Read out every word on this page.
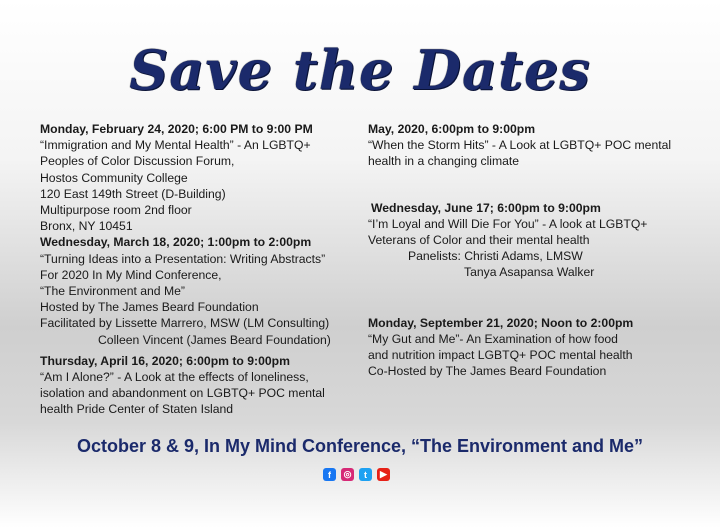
Save the Dates
Monday, February 24, 2020; 6:00 PM to 9:00 PM
“Immigration and My Mental Health” - An LGBTQ+
Peoples of Color Discussion Forum,
Hostos Community College
120 East 149th Street (D-Building)
Multipurpose room 2nd floor
Bronx, NY 10451
Wednesday, March 18, 2020; 1:00pm to 2:00pm
“Turning Ideas into a Presentation: Writing Abstracts”
For 2020 In My Mind Conference,
“The Environment and Me”
Hosted by The James Beard Foundation
Facilitated by Lissette Marrero, MSW (LM Consulting)
Colleen Vincent (James Beard Foundation)
Thursday, April 16, 2020; 6:00pm to 9:00pm
“Am I Alone?” - A Look at the effects of loneliness,
isolation and abandonment on LGBTQ+ POC mental
health Pride Center of Staten Island
May, 2020, 6:00pm to 9:00pm
“When the Storm Hits” - A Look at LGBTQ+ POC mental
health in a changing climate
Wednesday, June 17; 6:00pm to 9:00pm
“I’m Loyal and Will Die For You” - A look at LGBTQ+
Veterans of Color and their mental health
Panelists: Christi Adams, LMSW
Tanya Asapansa Walker
Monday, September 21, 2020; Noon to 2:00pm
“My Gut and Me”- An Examination of how food
and nutrition impact LGBTQ+ POC mental health
Co-Hosted by The James Beard Foundation
October 8 & 9, In My Mind Conference, “The Environment and Me”
f	◎	t	▶
